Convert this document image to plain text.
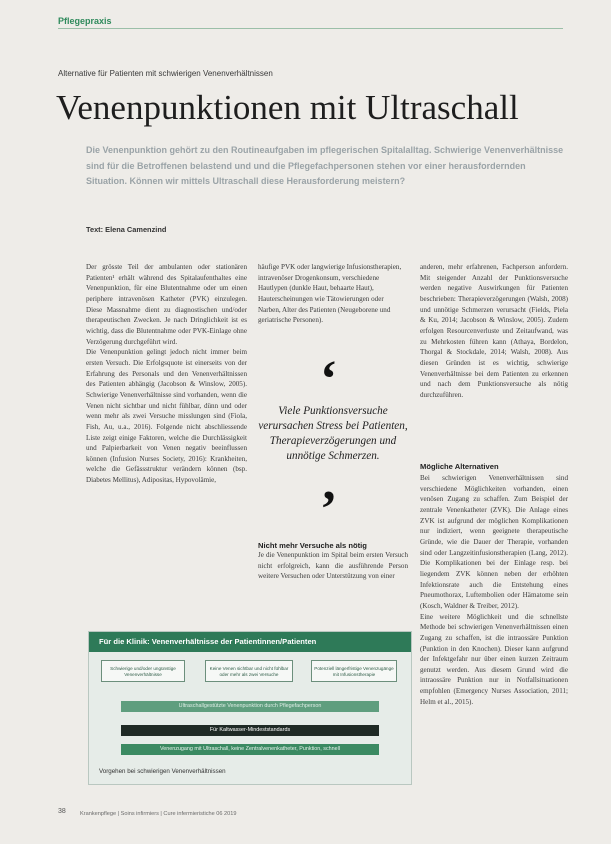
Pflegepraxis
Alternative für Patienten mit schwierigen Venenverhältnissen
Venenpunktionen mit Ultraschall
Die Venenpunktion gehört zu den Routineaufgaben im pflegerischen Spitalalltag. Schwierige Venenverhältnisse sind für die Betroffenen belastend und und die Pflegefachpersonen stehen vor einer herausfordernden Situation. Können wir mittels Ultraschall diese Herausforderung meistern?
Text: Elena Camenzind
Der grösste Teil der ambulanten oder stationären Patienten¹ erhält während des Spitalaufenthaltes eine Venenpunktion, für eine Blutentnahme oder um einen periphere intravenösen Katheter (PVK) einzulegen. Diese Massnahme dient zu diagnostischen und/oder therapeutischen Zwecken. Je nach Dringlichkeit ist es wichtig, dass die Blutentnahme oder PVK-Einlage ohne Verzögerung durchgeführt wird.
Die Venenpunktion gelingt jedoch nicht immer beim ersten Versuch. Die Erfolgsquote ist einerseits von der Erfahrung des Personals und den Venenverhältnissen des Patienten abhängig (Jacobson & Winslow, 2005). Schwierige Venenverhältnisse sind vorhanden, wenn die Venen nicht sichtbar und nicht fühlbar, dünn und oder wenn mehr als zwei Versuche misslungen sind (Fiola, Fish, Au, u.a., 2016). Folgende nicht abschliessende Liste zeigt einige Faktoren, welche die Durchlässigkeit und Palpierbarkeit von Venen negativ beeinflussen können (Infusion Nurses Society, 2016): Krankheiten, welche die Gefässstruktur verändern können (bsp. Diabetes Mellitus), Adipositas, Hypovolämie,
häufige PVK oder langwierige Infusionstherapien, intravenöser Drogenkonsum, verschiedene Hautlypen (dunkle Haut, behaarte Haut), Hauterscheinungen wie Tätowierungen oder Narben, Alter des Patienten (Neugeborene und geriatrische Personen).
‘
Viele Punktionsversuche verursachen Stress bei Patienten, Therapieverzögerungen und unnötige Schmerzen.
’
Nicht mehr Versuche als nötig
Je die Venenpunktion im Spital beim ersten Versuch nicht erfolgreich, kann die ausführende Person weitere Versuchen oder Unterstützung von einer
anderen, mehr erfahrenen, Fachperson anfordern. Mit steigender Anzahl der Punktionsversuche werden negative Auswirkungen für Patienten beschrieben: Therapieverzögerungen (Walsh, 2008) und unnötige Schmerzen verursacht (Fields, Piela & Ku, 2014; Jacobson & Winslow, 2005). Zudem erfolgen Resourcenverluste und Zeitaufwand, was zu Mehrkosten führen kann (Athaya, Bordelon, Thorgal & Stockdale, 2014; Walsh, 2008). Aus diesen Gründen ist es wichtig, schwierige Venenverhältnisse bei dem Patienten zu erkennen und nach dem Punktionsversuche als nötig durchzuführen.
Mögliche Alternativen
Bei schwierigen Venenverhältnissen sind verschiedene Möglichkeiten vorhanden, einen venösen Zugang zu schaffen. Zum Beispiel der zentrale Venenkatheter (ZVK). Die Anlage eines ZVK ist aufgrund der möglichen Komplikationen nur indiziert, wenn geeignete therapeutische Gründe, wie die Dauer der Therapie, vorhanden sind oder Langzeitinfusionstherapien (Lang, 2012). Die Komplikationen bei der Einlage resp. bei liegendem ZVK können neben der erhöhten Infektionsrate auch die Entstehung eines Pneumothorax, Luftembolien oder Hämatome sein (Kosch, Waldner & Treiber, 2012).
Eine weitere Möglichkeit und die schnellste Methode bei schwierigen Venenverhältnissen einen Zugang zu schaffen, ist die intraossäre Punktion (Punktion in den Knochen). Dieser kann aufgrund der Infektgefahr nur über einen kurzen Zeitraum genutzt werden. Aus diesem Grund wird die intraossäre Punktion nur in Notfallsituationen empfohlen (Emergency Nurses Association, 2011; Helm et al., 2015).
Für die Klinik: Venenverhältnisse der Patientinnen/Patienten
Schwierige und/oder ungünstige Venenverhältnisse
Keine Venen sichtbar und nicht fühlbar oder mehr als zwei Versuche
Potenziell längerfristige Venenzugänge mit Infusionstherapie
Ultraschallgestützte Venenpunktion durch Pflegefachperson
Für Kaltwasser-Mindeststandards
Venenzugang mit Ultraschall, keine Zentralvenenkatheter, Punktion, schnell
Vorgehen bei schwierigen Venenverhältnissen
38	Krankenpflege | Soins infirmiers | Cure infermieristiche 06 2019
